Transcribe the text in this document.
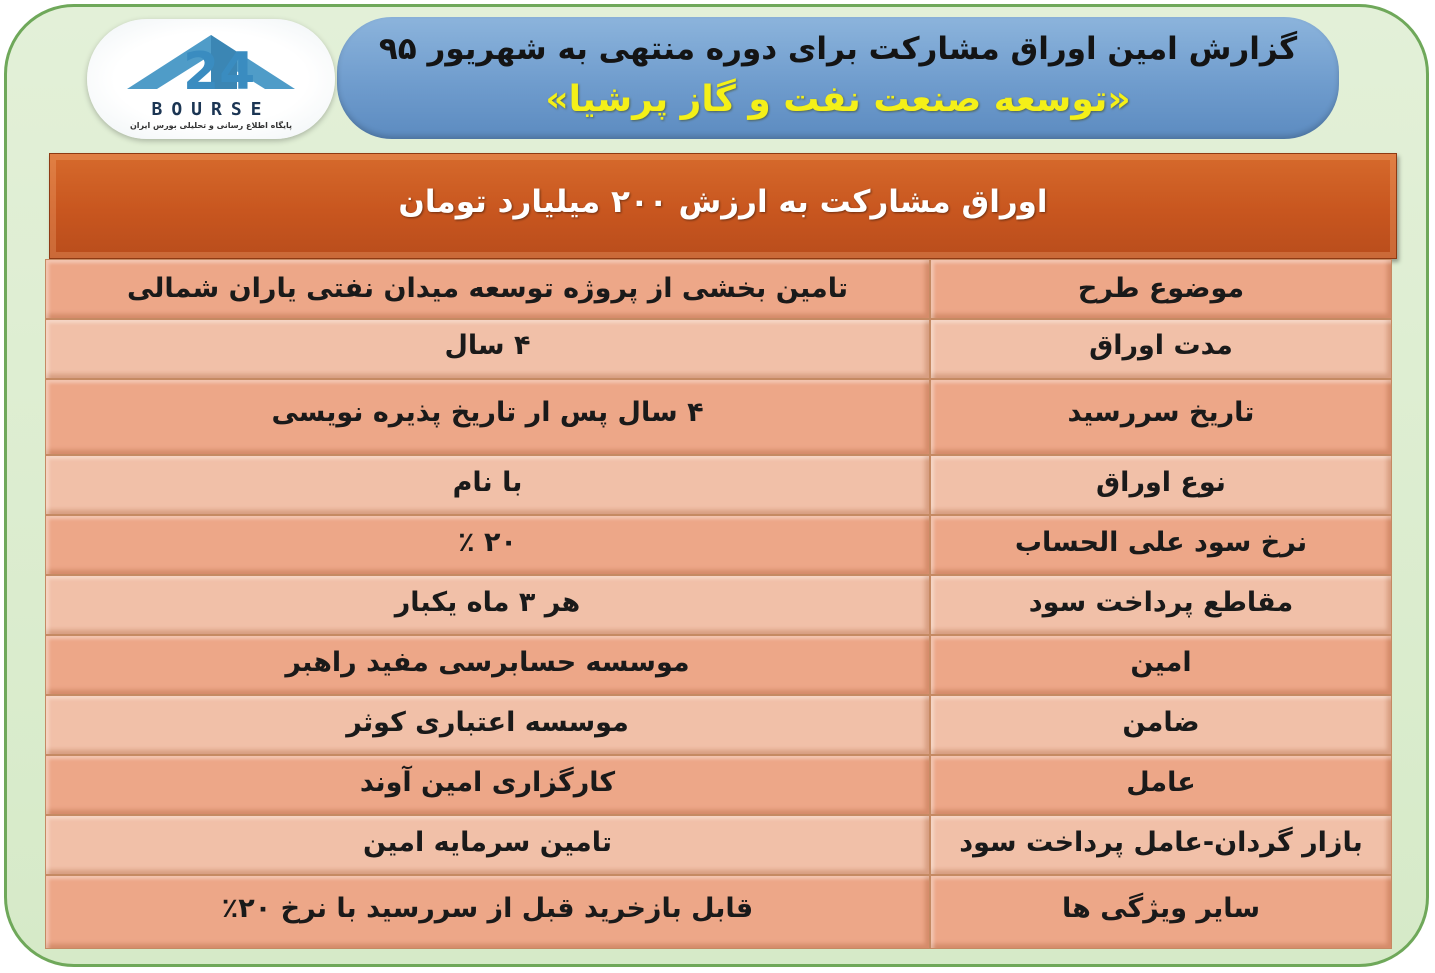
گزارش امین اوراق مشارکت برای دوره منتهی به شهریور ۹۵
«توسعه صنعت نفت و گاز پرشیا»
24
BOURSE
پایگاه اطلاع رسانی و تحلیلی بورس ایران
اوراق مشارکت به ارزش ۲۰۰ میلیارد تومان
تامین بخشی از پروژه توسعه میدان نفتی یاران شمالی	موضوع طرح
۴ سال	مدت اوراق
۴ سال پس ار تاریخ پذیره نویسی	تاریخ سررسید
با نام	نوع اوراق
۲۰ ٪	نرخ سود علی الحساب
هر ۳ ماه یکبار	مقاطع پرداخت سود
موسسه حسابرسی مفید راهبر	امین
موسسه اعتباری کوثر	ضامن
کارگزاری امین آوند	عامل
تامین سرمایه امین	بازار گردان-عامل پرداخت سود
قابل بازخرید قبل از سررسید با نرخ ۲۰٪	سایر ویژگی ها
